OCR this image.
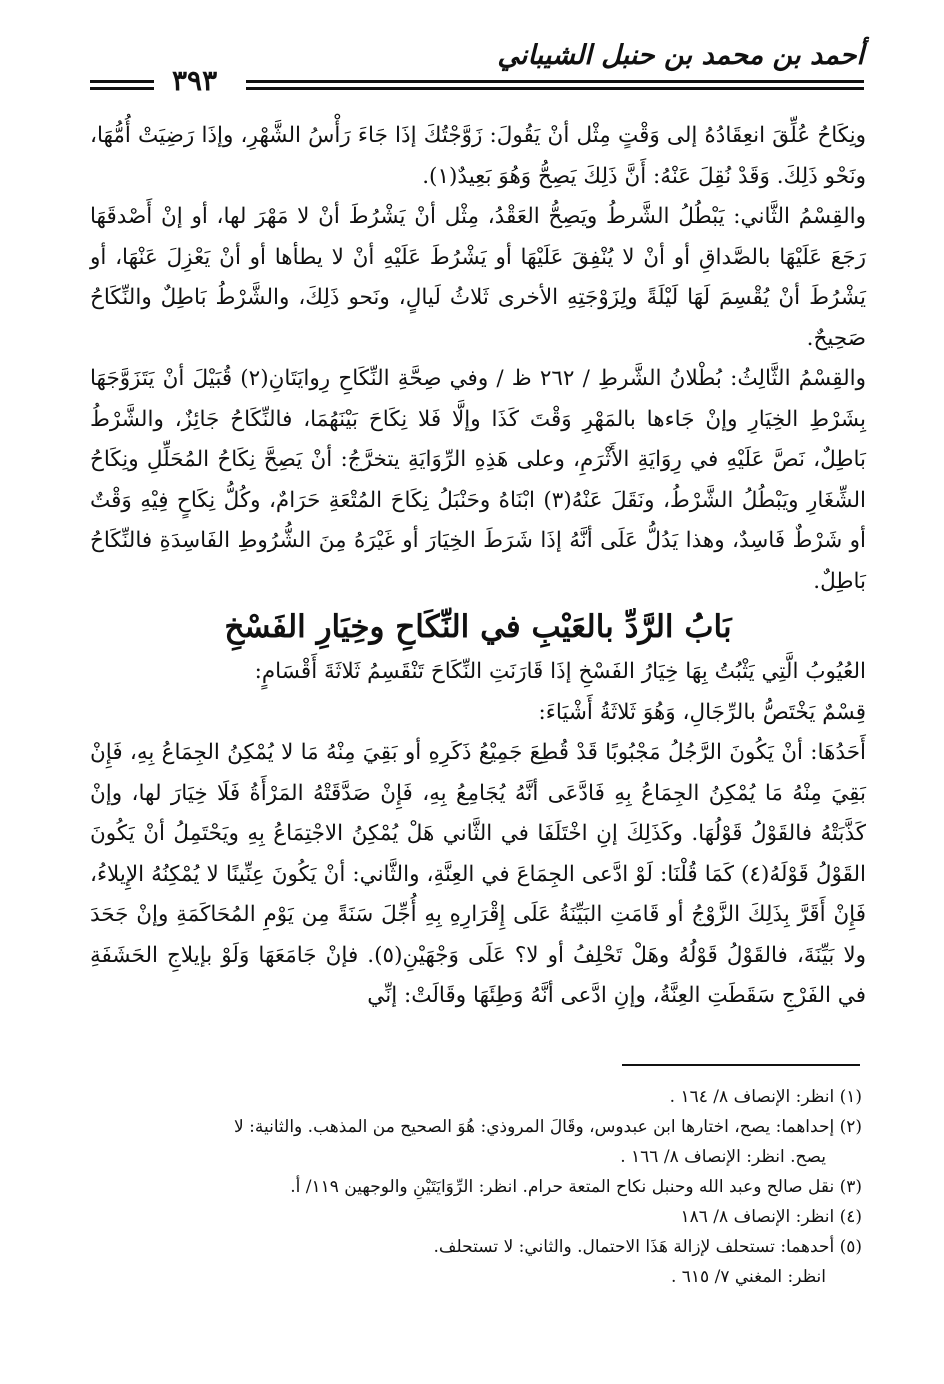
أحمد بن محمد بن حنبل الشيباني
٣٩٣

ونِكَاحُ عُلِّقَ انعِقَادُهُ إلى وَقْتٍ مِثْل أنْ يَقُولَ: زَوَّجْتُكَ إذَا جَاءَ رَأْسُ الشَّهْرِ، وإذَا رَضِيَتْ أُمُّهَا، ونَحْو ذَلِكَ. وَقَدْ نُقِلَ عَنْهُ: أَنَّ ذَلِكَ يَصِحُّ وَهُوَ بَعِيدٌ(١).

والقِسْمُ الثَّاني: يَبْطُلُ الشَّرطُ ويَصِحُّ العَقْدُ، مِثْل أنْ يَشْرُطَ أنْ لا مَهْرَ لها، أو إنْ أَصْدقَهَا رَجَعَ عَلَيْهَا بالصَّداقِ أو أنْ لا يُنْفِقَ عَلَيْهَا أو يَشْرُطَ عَلَيْهِ أنْ لا يطأها أو أنْ يَعْزِلَ عَنْهَا، أو يَشْرُطَ أنْ يُقْسِمَ لَهَا لَيْلَةً ولِزَوْجَتِهِ الأخرى ثَلاثُ لَيالٍ، ونَحو ذَلِكَ، والشَّرْطُ بَاطِلٌ والنِّكَاحُ صَحِيحٌ.

والقِسْمُ الثَّالِثُ: بُطْلانُ الشَّرطِ / ٢٦٢ ظ / وفي صِحَّةِ النِّكَاحِ رِوايَتَانِ(٢) قُبَيْلَ أنْ يَتَزَوَّجَهَا بِشَرْطِ الخِيَارِ وإنْ جَاءها بالمَهْرِ وَقْتَ كَذَا وإلَّا فَلا نِكَاحَ بَيْنَهُمَا، فالنِّكَاحُ جَائِزٌ، والشَّرْطُ بَاطِلٌ، نَصَّ عَلَيْهِ في رِوَايَةِ الأَثْرَمِ، وعلى هَذِهِ الرِّوَايَةِ يتخرَّجُ: أنْ يَصِحَّ نِكَاحُ المُحَلِّلِ ونِكَاحُ الشِّغَارِ ويَبْطُلُ الشَّرْطُ، ونَقَلَ عَنْهُ(٣) ابْنَاهُ وحَنْبَلُ نِكَاحَ المُتْعَةِ حَرَامٌ، وكُلُّ نِكَاحٍ فِيْهِ وَقْتٌ أو شَرْطٌ فَاسِدٌ، وهذا يَدُلُّ عَلَى أنَّهُ إذَا شَرَطَ الخِيَارَ أو غَيْرَهُ مِنَ الشُّرُوطِ الفَاسِدَةِ فالنِّكَاحُ بَاطِلٌ.

بَابُ الرَّدِّ بالعَيْبِ في النِّكَاحِ وخِيَارِ الفَسْخِ

العُيُوبُ الَّتِي يَثْبُتُ بِهَا خِيَارُ الفَسْخِ إذَا قَارَنَتِ النِّكَاحَ تَنْقَسِمُ ثَلاثَةَ أَقْسَامٍ:

قِسْمٌ يَخْتَصُّ بالرِّجَالِ، وَهُوَ ثَلاثَةُ أَشْيَاءَ:

أَحَدُهَا: أنْ يَكُونَ الرَّجُلُ مَجْبُوبًا قَدْ قُطِعَ جَمِيْعُ ذَكَرِهِ أو بَقِيَ مِنْهُ مَا لا يُمْكِنُ الجِمَاعُ بِهِ، فَإِنْ بَقِيَ مِنْهُ مَا يُمْكِنُ الجِمَاعُ بِهِ فَادَّعَى أنَّهُ يُجَامِعُ بِهِ، فَإِنْ صَدَّقَتْهُ المَرْأَةُ فَلَا خِيَارَ لها، وإنْ كَذَّبَتْهُ فالقَوْلُ قَوْلُهَا. وكَذَلِكَ إنِ اخْتَلَفَا في الثَّاني هَلْ يُمْكِنُ الاجْتِمَاعُ بِهِ ويَحْتَمِلُ أنْ يَكُونَ القَوْلُ قَوْلَهُ(٤) كَمَا قُلْنَا: لَوْ ادَّعى الجِمَاعَ في العِنَّةِ، والثَّاني: أنْ يَكُونَ عِنِّينًا لا يُمْكِنُهُ الإِيلاءُ، فَإِنْ أَقَرَّ بِذَلِكَ الزَّوْجُ أو قَامَتِ البَيِّنَةُ عَلَى إِقْرَارِهِ بِهِ أُجِّلَ سَنَةً مِن يَوْمِ المُحَاكَمَةِ وإنْ جَحَدَ ولا بَيِّنَةَ، فالقَوْلُ قَوْلُهُ وهَلْ تَحْلِفُ أو لا؟ عَلَى وَجْهَيْنِ(٥). فإنْ جَامَعَهَا وَلَوْ بإيلاجِ الحَشَفَةِ في الفَرْجِ سَقَطَتِ العِنَّةُ، وإنِ ادَّعى أنَّهُ وَطِئَهَا وقَالَتْ: إنِّي

(١) انظر: الإنصاف ٨/ ١٦٤ .

(٢) إحداهما: يصح، اختارها ابن عبدوس، وقَالَ المروذي: هُوَ الصحيح من المذهب. والثانية: لا

يصح. انظر: الإنصاف ٨/ ١٦٦ .

(٣) نقل صالح وعبد الله وحنبل نكاح المتعة حرام. انظر: الرِّوَايَتَيْنِ والوجهين ١١٩/ أ.

(٤) انظر: الإنصاف ٨/ ١٨٦

(٥) أحدهما: تستحلف لإزالة هَذَا الاحتمال. والثاني: لا تستحلف.

انظر: المغني ٧/ ٦١٥ .
